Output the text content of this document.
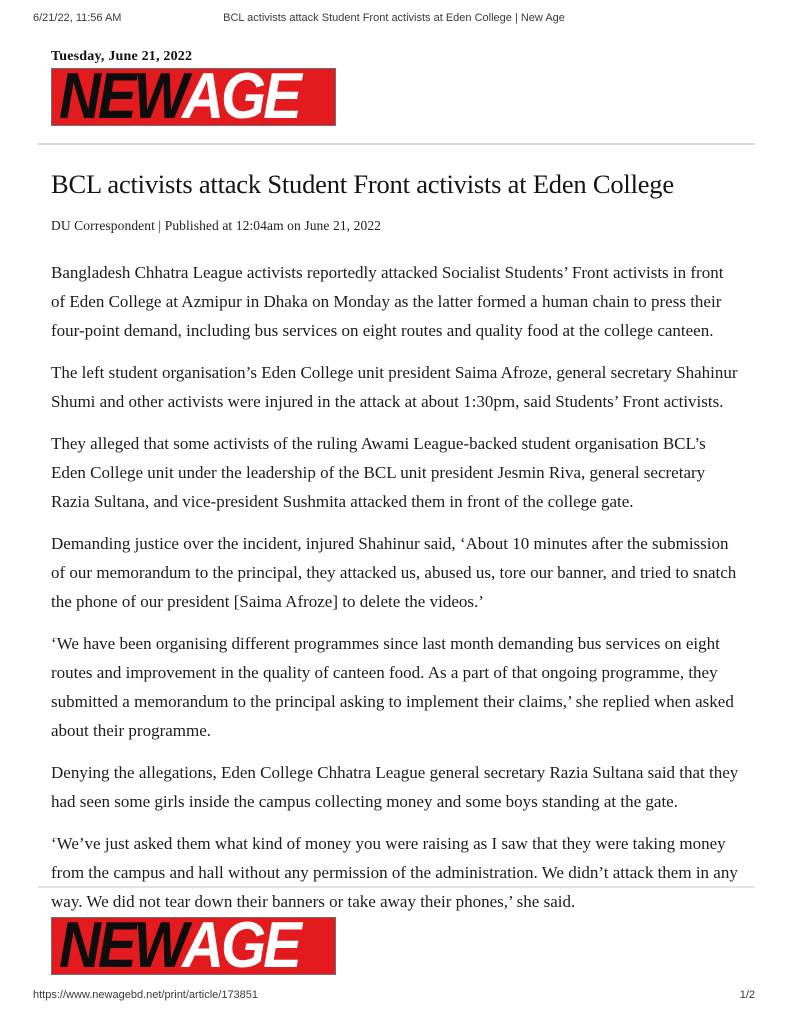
6/21/22, 11:56 AM	BCL activists attack Student Front activists at Eden College | New Age
Tuesday, June 21, 2022
NEWAGE
BCL activists attack Student Front activists at Eden College
DU Correspondent | Published at 12:04am on June 21, 2022

Bangladesh Chhatra League activists reportedly attacked Socialist Students’ Front activists in front of Eden College at Azmipur in Dhaka on Monday as the latter formed a human chain to press their four-point demand, including bus services on eight routes and quality food at the college canteen.

The left student organisation’s Eden College unit president Saima Afroze, general secretary Shahinur Shumi and other activists were injured in the attack at about 1:30pm, said Students’ Front activists.

They alleged that some activists of the ruling Awami League-backed student organisation BCL’s Eden College unit under the leadership of the BCL unit president Jesmin Riva, general secretary Razia Sultana, and vice-president Sushmita attacked them in front of the college gate.

Demanding justice over the incident, injured Shahinur said, ‘About 10 minutes after the submission of our memorandum to the principal, they attacked us, abused us, tore our banner, and tried to snatch the phone of our president [Saima Afroze] to delete the videos.’

‘We have been organising different programmes since last month demanding bus services on eight routes and improvement in the quality of canteen food. As a part of that ongoing programme, they submitted a memorandum to the principal asking to implement their claims,’ she replied when asked about their programme.

Denying the allegations, Eden College Chhatra League general secretary Razia Sultana said that they had seen some girls inside the campus collecting money and some boys standing at the gate.

‘We’ve just asked them what kind of money you were raising as I saw that they were taking money from the campus and hall without any permission of the administration. We didn’t attack them in any way. We did not tear down their banners or take away their phones,’ she said.

NEWAGE
https://www.newagebd.net/print/article/173851	1/2
